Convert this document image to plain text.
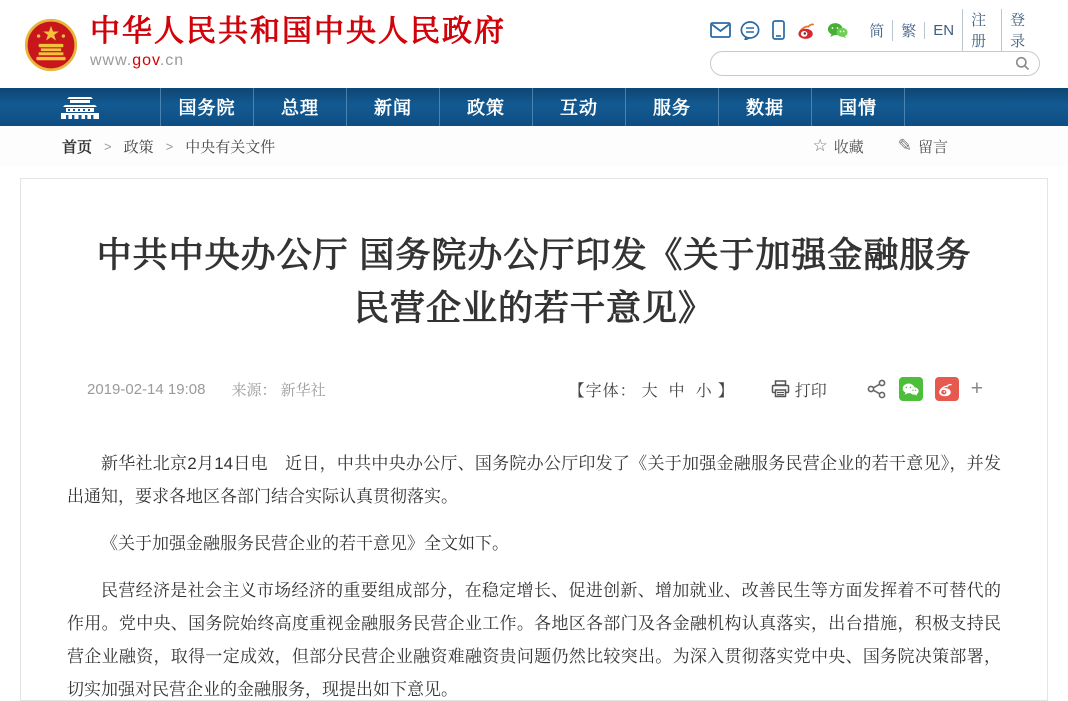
中华人民共和国中央人民政府
www.gov.cn
简	繁	EN
注册
登录
国务院	总理	新闻	政策	互动	服务	数据	国情
首页 > 政策 > 中央有关文件	☆ 收藏 ✎ 留言
中共中央办公厅 国务院办公厅印发《关于加强金融服务民营企业的若干意见》
2019-02-14 19:08 来源： 新华社	【字体： 大 中 小 】	打印	+

新华社北京2月14日电　近日，中共中央办公厅、国务院办公厅印发了《关于加强金融服务民营企业的若干意见》，并发出通知，要求各地区各部门结合实际认真贯彻落实。

《关于加强金融服务民营企业的若干意见》全文如下。

民营经济是社会主义市场经济的重要组成部分，在稳定增长、促进创新、增加就业、改善民生等方面发挥着不可替代的作用。党中央、国务院始终高度重视金融服务民营企业工作。各地区各部门及各金融机构认真落实，出台措施，积极支持民营企业融资，取得一定成效，但部分民营企业融资难融资贵问题仍然比较突出。为深入贯彻落实党中央、国务院决策部署，切实加强对民营企业的金融服务，现提出如下意见。
